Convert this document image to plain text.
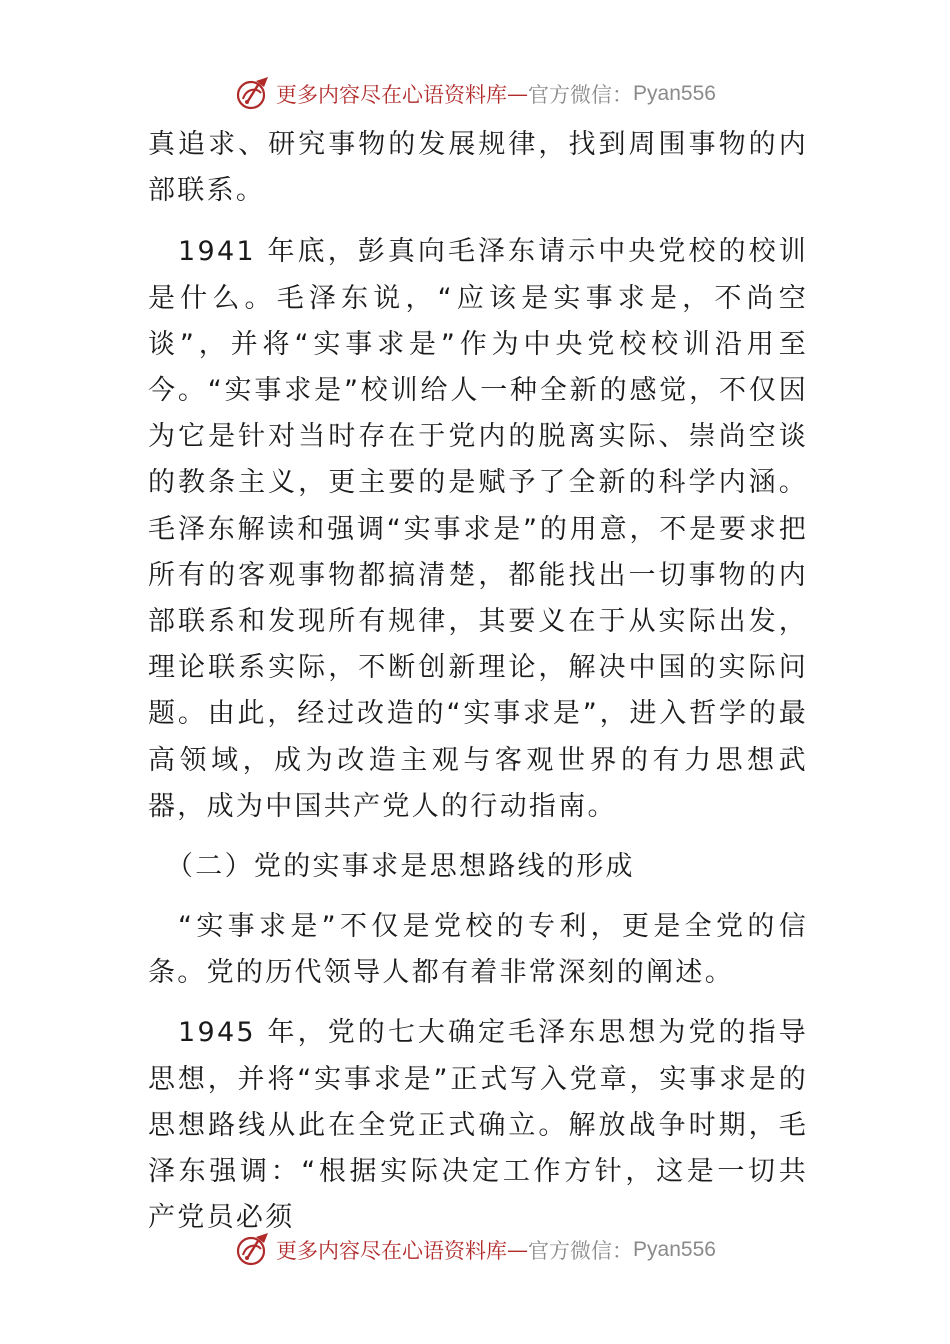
更多内容尽在心语资料库 — 官方微信： Pyan556

真追求、研究事物的发展规律，找到周围事物的内部联系。

1941 年底，彭真向毛泽东请示中央党校的校训是什么。毛泽东说，“应该是实事求是，不尚空谈”，并将“实事求是”作为中央党校校训沿用至今。“实事求是”校训给人一种全新的感觉，不仅因为它是针对当时存在于党内的脱离实际、崇尚空谈的教条主义，更主要的是赋予了全新的科学内涵。毛泽东解读和强调“实事求是”的用意，不是要求把所有的客观事物都搞清楚，都能找出一切事物的内部联系和发现所有规律，其要义在于从实际出发，理论联系实际，不断创新理论，解决中国的实际问题。由此，经过改造的“实事求是”，进入哲学的最高领域，成为改造主观与客观世界的有力思想武器，成为中国共产党人的行动指南。

（二）党的实事求是思想路线的形成

“实事求是”不仅是党校的专利，更是全党的信条。党的历代领导人都有着非常深刻的阐述。

1945 年，党的七大确定毛泽东思想为党的指导思想，并将“实事求是”正式写入党章，实事求是的思想路线从此在全党正式确立。解放战争时期，毛泽东强调：“根据实际决定工作方针，这是一切共产党员必须

更多内容尽在心语资料库 — 官方微信： Pyan556
